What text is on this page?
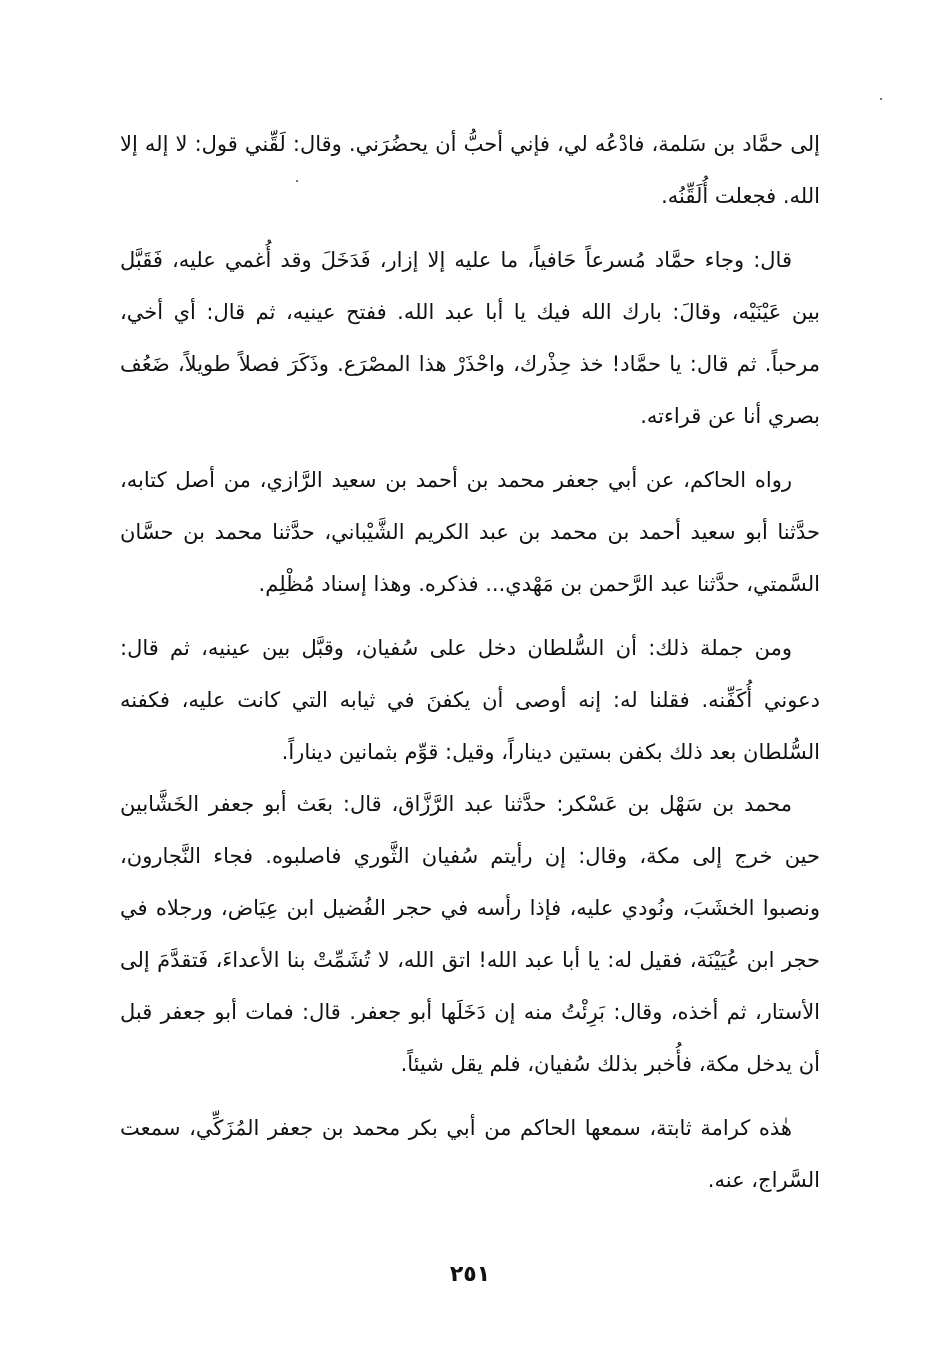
إلى حمَّاد بن سَلمة، فادْعُه لي، فإني أحبُّ أن يحضُرَني. وقال: لَقِّني قول: لا إله إلا الله. فجعلت أُلَقِّنُه.

قال: وجاء حمَّاد مُسرعاً حَافياً، ما عليه إلا إزار، فَدَخَلَ وقد أُغمي عليه، فَقَبَّل بين عَيْنَيْه، وقالَ: بارك الله فيك يا أبا عبد الله. ففتح عينيه، ثم قال: أي أخي، مرحباً. ثم قال: يا حمَّاد! خذ حِذْرك، واحْذَرْ هذا المصْرَع. وذَكَرَ فصلاً طويلاً، ضَعُف بصري أنا عن قراءته.

رواه الحاكم، عن أبي جعفر محمد بن أحمد بن سعيد الرَّازي، من أصل كتابه، حدَّثنا أبو سعيد أحمد بن محمد بن عبد الكريم الشَّيْباني، حدَّثنا محمد بن حسَّان السَّمتي، حدَّثنا عبد الرَّحمن بن مَهْدي... فذكره. وهذا إسناد مُظْلِم.

ومن جملة ذلك: أن السُّلطان دخل على سُفيان، وقبَّل بين عينيه، ثم قال: دعوني أُكَفِّنه. فقلنا له: إنه أوصى أن يكفنَ في ثيابه التي كانت عليه، فكفنه السُّلطان بعد ذلك بكفن بستين ديناراً، وقيل: قوِّم بثمانين ديناراً.

محمد بن سَهْل بن عَسْكر: حدَّثنا عبد الرَّزَّاق، قال: بعَث أبو جعفر الخَشَّابين حين خرج إلى مكة، وقال: إن رأيتم سُفيان الثَّوري فاصلبوه. فجاء النَّجارون، ونصبوا الخشَبَ، ونُودي عليه، فإذا رأسه في حجر الفُضيل ابن عِيَاض، ورجلاه في حجر ابن عُيَيْنَة، فقيل له: يا أبا عبد الله! اتق الله، لا تُشَمِّتْ بنا الأعداءَ، فَتقدَّمَ إلى الأستار، ثم أخذه، وقال: بَرِئْتُ منه إن دَخَلَها أبو جعفر. قال: فمات أبو جعفر قبل أن يدخل مكة، فأُخبر بذلك سُفيان، فلم يقل شيئاً.

هٰذه كرامة ثابتة، سمعها الحاكم من أبي بكر محمد بن جعفر المُزَكِّي، سمعت السَّراج، عنه.

٢٥١
